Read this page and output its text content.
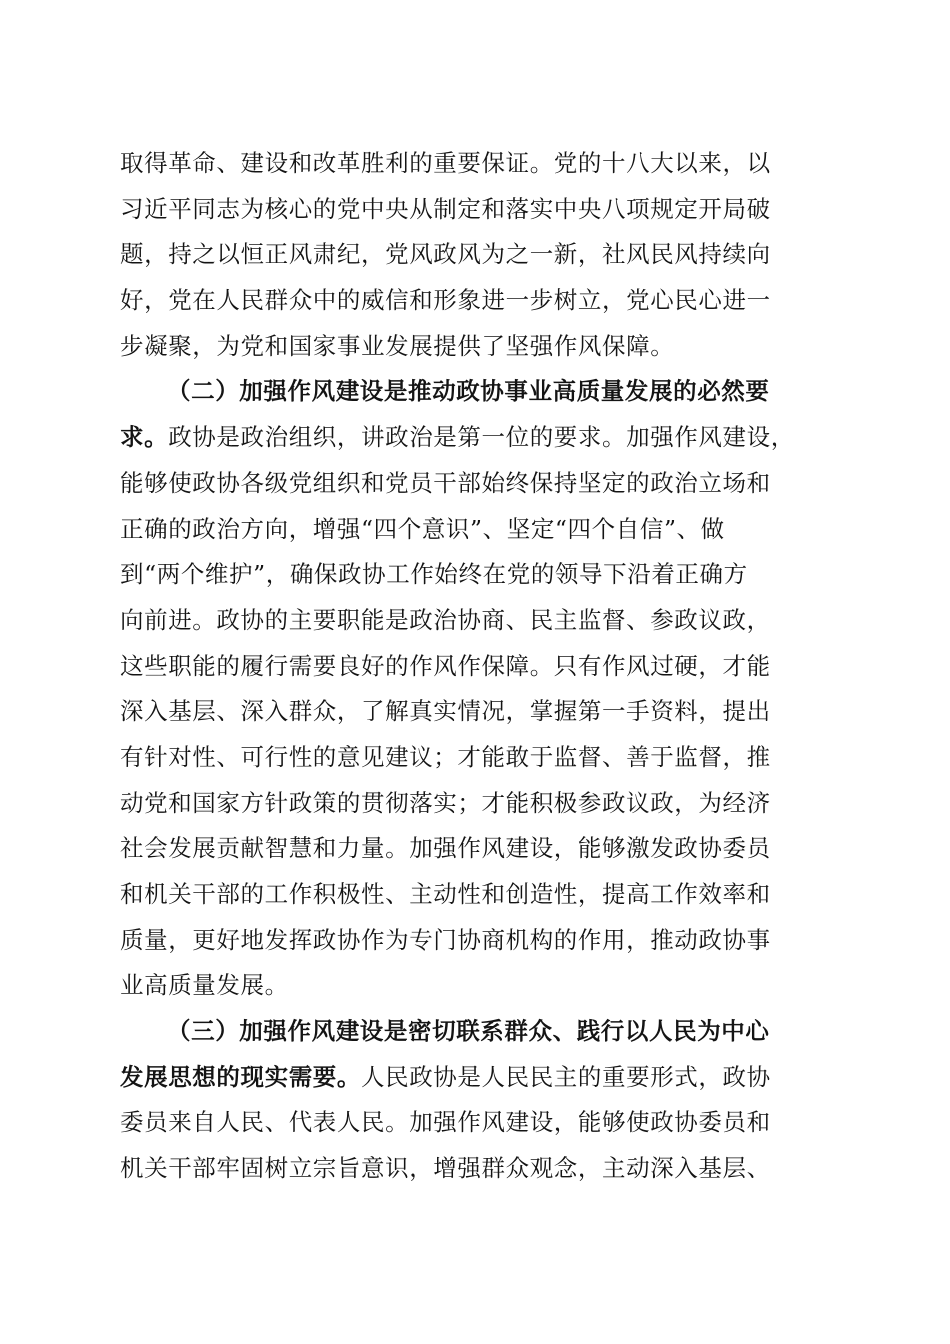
取得革命、建设和改革胜利的重要保证。党的十八大以来，以
习近平同志为核心的党中央从制定和落实中央八项规定开局破
题，持之以恒正风肃纪，党风政风为之一新，社风民风持续向
好，党在人民群众中的威信和形象进一步树立，党心民心进一
步凝聚，为党和国家事业发展提供了坚强作风保障。
（二）加强作风建设是推动政协事业高质量发展的必然要
求。政协是政治组织，讲政治是第一位的要求。加强作风建设，
能够使政协各级党组织和党员干部始终保持坚定的政治立场和
正确的政治方向，增强“四个意识”、坚定“四个自信”、做
到“两个维护”，确保政协工作始终在党的领导下沿着正确方
向前进。政协的主要职能是政治协商、民主监督、参政议政，
这些职能的履行需要良好的作风作保障。只有作风过硬，才能
深入基层、深入群众，了解真实情况，掌握第一手资料，提出
有针对性、可行性的意见建议；才能敢于监督、善于监督，推
动党和国家方针政策的贯彻落实；才能积极参政议政，为经济
社会发展贡献智慧和力量。加强作风建设，能够激发政协委员
和机关干部的工作积极性、主动性和创造性，提高工作效率和
质量，更好地发挥政协作为专门协商机构的作用，推动政协事
业高质量发展。
（三）加强作风建设是密切联系群众、践行以人民为中心
发展思想的现实需要。人民政协是人民民主的重要形式，政协
委员来自人民、代表人民。加强作风建设，能够使政协委员和
机关干部牢固树立宗旨意识，增强群众观念，主动深入基层、
